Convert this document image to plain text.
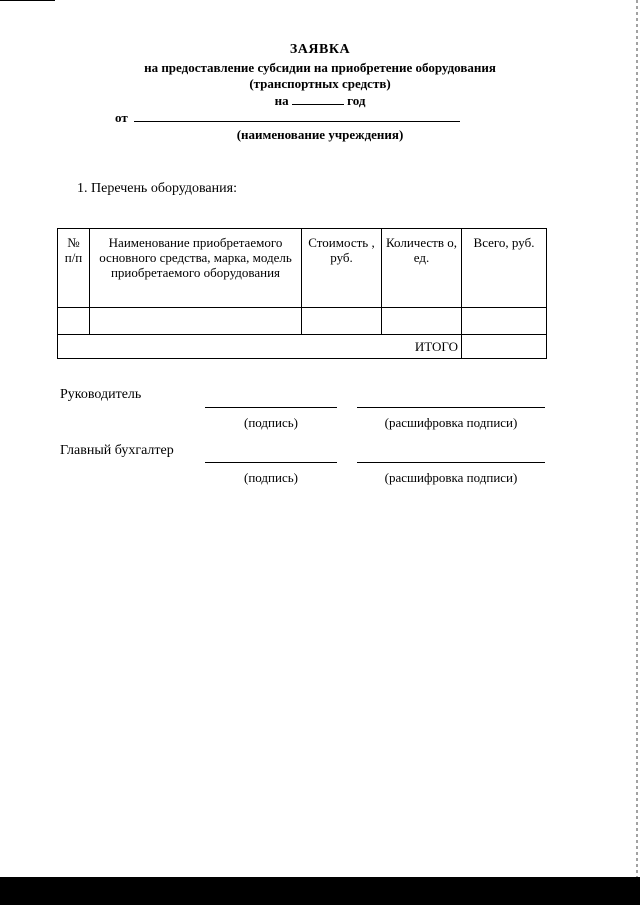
ЗАЯВКА
на предоставление субсидии на приобретение оборудования
(транспортных средств)
на	год
от
(наименование учреждения)
1. Перечень оборудования:
№ п/п	Наименование приобретаемого основного средства, марка, модель приобретаемого оборудования	Стоимость , руб.	Количеств о, ед.	Всего, руб.

ИТОГО				
Руководитель
(подпись)	(расшифровка подписи)
Главный бухгалтер
(подпись)	(расшифровка подписи)
